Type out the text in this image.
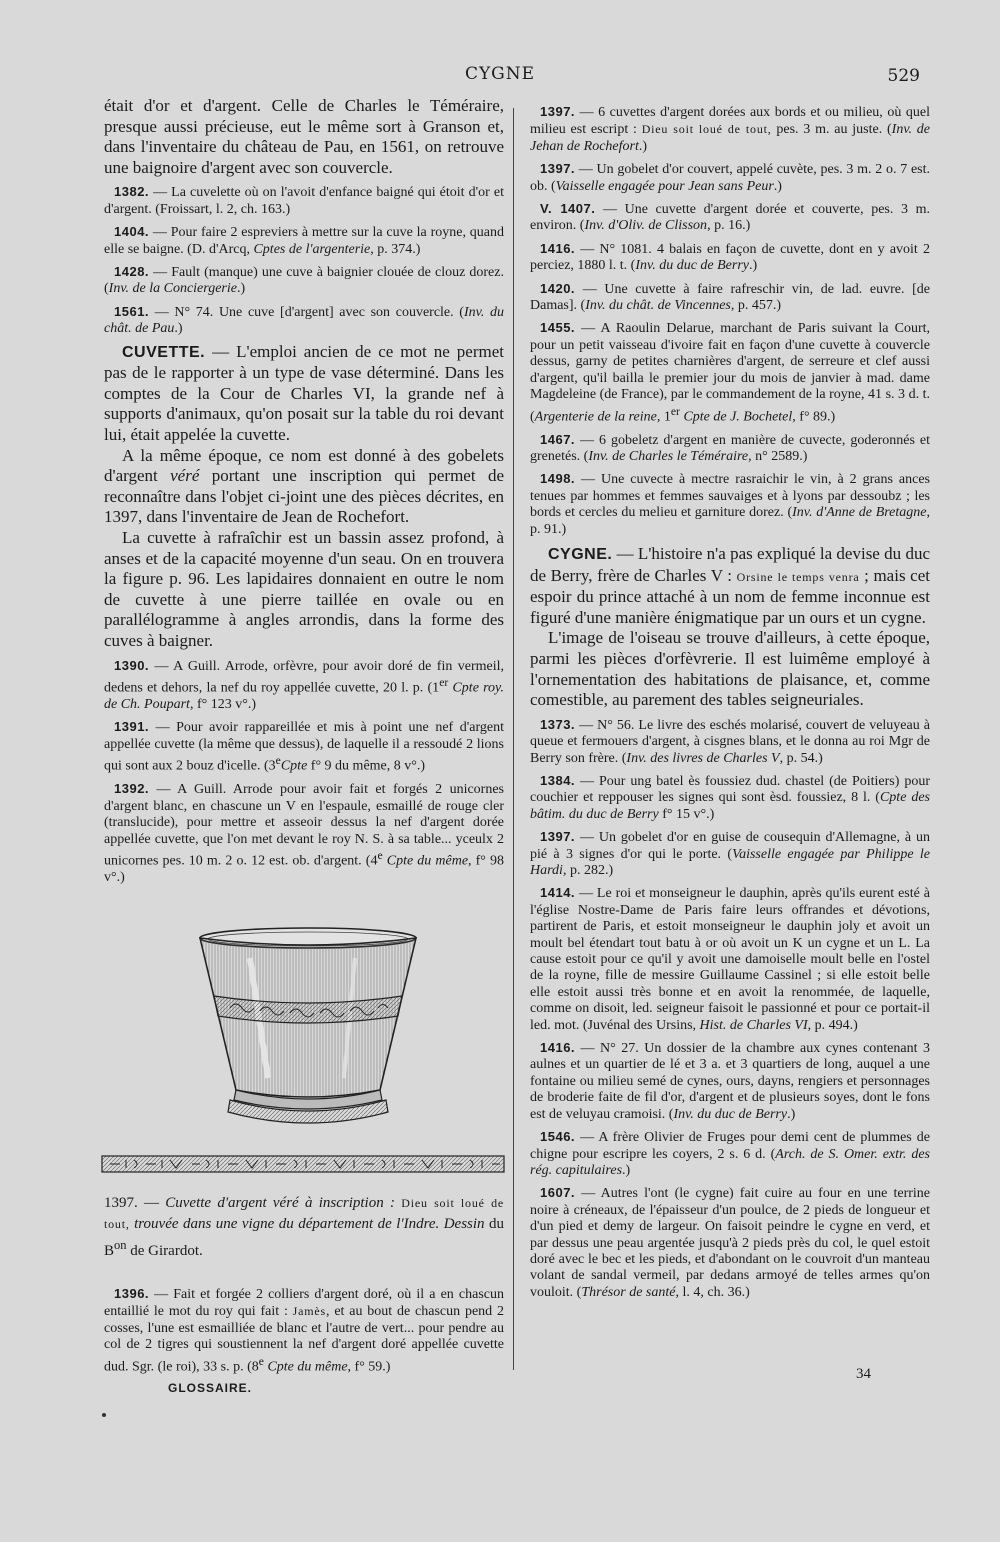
CYGNE	529

était d'or et d'argent. Celle de Charles le Téméraire, presque aussi précieuse, eut le même sort à Granson et, dans l'inventaire du château de Pau, en 1561, on retrouve une baignoire d'argent avec son couvercle.

1382. — La cuvelette où on l'avoit d'enfance baigné qui étoit d'or et d'argent. (Froissart, l. 2, ch. 163.)

1404. — Pour faire 2 espreviers à mettre sur la cuve la royne, quand elle se baigne. (D. d'Arcq, Cptes de l'argenterie, p. 374.)

1428. — Fault (manque) une cuve à baignier clouée de clouz dorez. (Inv. de la Conciergerie.)

1561. — N° 74. Une cuve [d'argent] avec son couvercle. (Inv. du chât. de Pau.)

CUVETTE. — L'emploi ancien de ce mot ne permet pas de le rapporter à un type de vase déterminé. Dans les comptes de la Cour de Charles VI, la grande nef à supports d'animaux, qu'on posait sur la table du roi devant lui, était appelée la cuvette.

A la même époque, ce nom est donné à des gobelets d'argent véré portant une inscription qui permet de reconnaître dans l'objet ci-joint une des pièces décrites, en 1397, dans l'inventaire de Jean de Rochefort.

La cuvette à rafraîchir est un bassin assez profond, à anses et de la capacité moyenne d'un seau. On en trouvera la figure p. 96. Les lapidaires donnaient en outre le nom de cuvette à une pierre taillée en ovale ou en parallélogramme à angles arrondis, dans la forme des cuves à baigner.

1390. — A Guill. Arrode, orfèvre, pour avoir doré de fin vermeil, dedens et dehors, la nef du roy appellée cuvette, 20 l. p. (1er Cpte roy. de Ch. Poupart, f° 123 v°.)

1391. — Pour avoir rappareillée et mis à point une nef d'argent appellée cuvette (la même que dessus), de laquelle il a ressoudé 2 lions qui sont aux 2 bouz d'icelle. (3eCpte f° 9 du même, 8 v°.)

1392. — A Guill. Arrode pour avoir fait et forgés 2 unicornes d'argent blanc, en chascune un V en l'espaule, esmaillé de rouge cler (translucide), pour mettre et asseoir dessus la nef d'argent dorée appellée cuvette, que l'on met devant le roy N. S. à sa table... yceulx 2 unicornes pes. 10 m. 2 o. 12 est. ob. d'argent. (4e Cpte du même, f° 98 v°.)

1397. — Cuvette d'argent véré à inscription : Dieu soit loué de tout, trouvée dans une vigne du département de l'Indre. Dessin du $B^{on}$ de Girardot.

1396. — Fait et forgée 2 colliers d'argent doré, où il a en chascun entaillié le mot du roy qui fait : Jamès, et au bout de chascun pend 2 cosses, l'une est esmailliée de blanc et l'autre de vert... pour pendre au col de 2 tigres qui soustiennent la nef d'argent doré appellée cuvette dud. Sgr. (le roi), 33 s. p. (8e Cpte du même, f° 59.)

GLOSSAIRE.

1397. — 6 cuvettes d'argent dorées aux bords et ou milieu, où quel milieu est escript : Dieu soit loué de tout, pes. 3 m. au juste. (Inv. de Jehan de Rochefort.)

1397. — Un gobelet d'or couvert, appelé cuvète, pes. 3 m. 2 o. 7 est. ob. (Vaisselle engagée pour Jean sans Peur.)

V. 1407. — Une cuvette d'argent dorée et couverte, pes. 3 m. environ. (Inv. d'Oliv. de Clisson, p. 16.)

1416. — N° 1081. 4 balais en façon de cuvette, dont en y avoit 2 perciez, 1880 l. t. (Inv. du duc de Berry.)

1420. — Une cuvette à faire rafreschir vin, de lad. euvre. [de Damas]. (Inv. du chât. de Vincennes, p. 457.)

1455. — A Raoulin Delarue, marchant de Paris suivant la Court, pour un petit vaisseau d'ivoire fait en façon d'une cuvette à couvercle dessus, garny de petites charnières d'argent, de serreure et clef aussi d'argent, qu'il bailla le premier jour du mois de janvier à mad. dame Magdeleine (de France), par le commandement de la royne, 41 s. 3 d. t. (Argenterie de la reine, 1er Cpte de J. Bochetel, f° 89.)

1467. — 6 gobeletz d'argent en manière de cuvecte, goderonnés et grenetés. (Inv. de Charles le Téméraire, n° 2589.)

1498. — Une cuvecte à mectre rasraichir le vin, à 2 grans ances tenues par hommes et femmes sauvaiges et à lyons par dessoubz ; les bords et cercles du melieu et garniture dorez. (Inv. d'Anne de Bretagne, p. 91.)

CYGNE. — L'histoire n'a pas expliqué la devise du duc de Berry, frère de Charles V : Orsine le temps venra ; mais cet espoir du prince attaché à un nom de femme inconnue est figuré d'une manière énigmatique par un ours et un cygne.

L'image de l'oiseau se trouve d'ailleurs, à cette époque, parmi les pièces d'orfèvrerie. Il est luimême employé à l'ornementation des habitations de plaisance, et, comme comestible, au parement des tables seigneuriales.

1373. — N° 56. Le livre des eschés molarisé, couvert de veluyeau à queue et fermouers d'argent, à cisgnes blans, et le donna au roi Mgr de Berry son frère. (Inv. des livres de Charles V, p. 54.)

1384. — Pour ung batel ès foussiez dud. chastel (de Poitiers) pour couchier et reppouser les signes qui sont èsd. foussiez, 8 l. (Cpte des bâtim. du duc de Berry f° 15 v°.)

1397. — Un gobelet d'or en guise de cousequin d'Allemagne, à un pié à 3 signes d'or qui le porte. (Vaisselle engagée par Philippe le Hardi, p. 282.)

1414. — Le roi et monseigneur le dauphin, après qu'ils eurent esté à l'église Nostre-Dame de Paris faire leurs offrandes et dévotions, partirent de Paris, et estoit monseigneur le dauphin joly et avoit un moult bel étendart tout batu à or où avoit un K un cygne et un L. La cause estoit pour ce qu'il y avoit une damoiselle moult belle en l'ostel de la royne, fille de messire Guillaume Cassinel ; si elle estoit belle elle estoit aussi très bonne et en avoit la renommée, de laquelle, comme on disoit, led. seigneur faisoit le passionné et pour ce portait-il led. mot. (Juvénal des Ursins, Hist. de Charles VI, p. 494.)

1416. — N° 27. Un dossier de la chambre aux cynes contenant 3 aulnes et un quartier de lé et 3 a. et 3 quartiers de long, auquel a une fontaine ou milieu semé de cynes, ours, dayns, rengiers et personnages de broderie faite de fil d'or, d'argent et de plusieurs soyes, dont le fons est de veluyau cramoisi. (Inv. du duc de Berry.)

1546. — A frère Olivier de Fruges pour demi cent de plummes de chigne pour escripre les coyers, 2 s. 6 d. (Arch. de S. Omer. extr. des rég. capitulaires.)

1607. — Autres l'ont (le cygne) fait cuire au four en une terrine noire à créneaux, de l'épaisseur d'un poulce, de 2 pieds de longueur et d'un pied et demy de largeur. On faisoit peindre le cygne en verd, et par dessus une peau argentée jusqu'à 2 pieds près du col, le quel estoit doré avec le bec et les pieds, et d'abondant on le couvroit d'un manteau volant de sandal vermeil, par dedans armoyé de telles armes qu'on vouloit. (Thrésor de santé, l. 4, ch. 36.)

34
